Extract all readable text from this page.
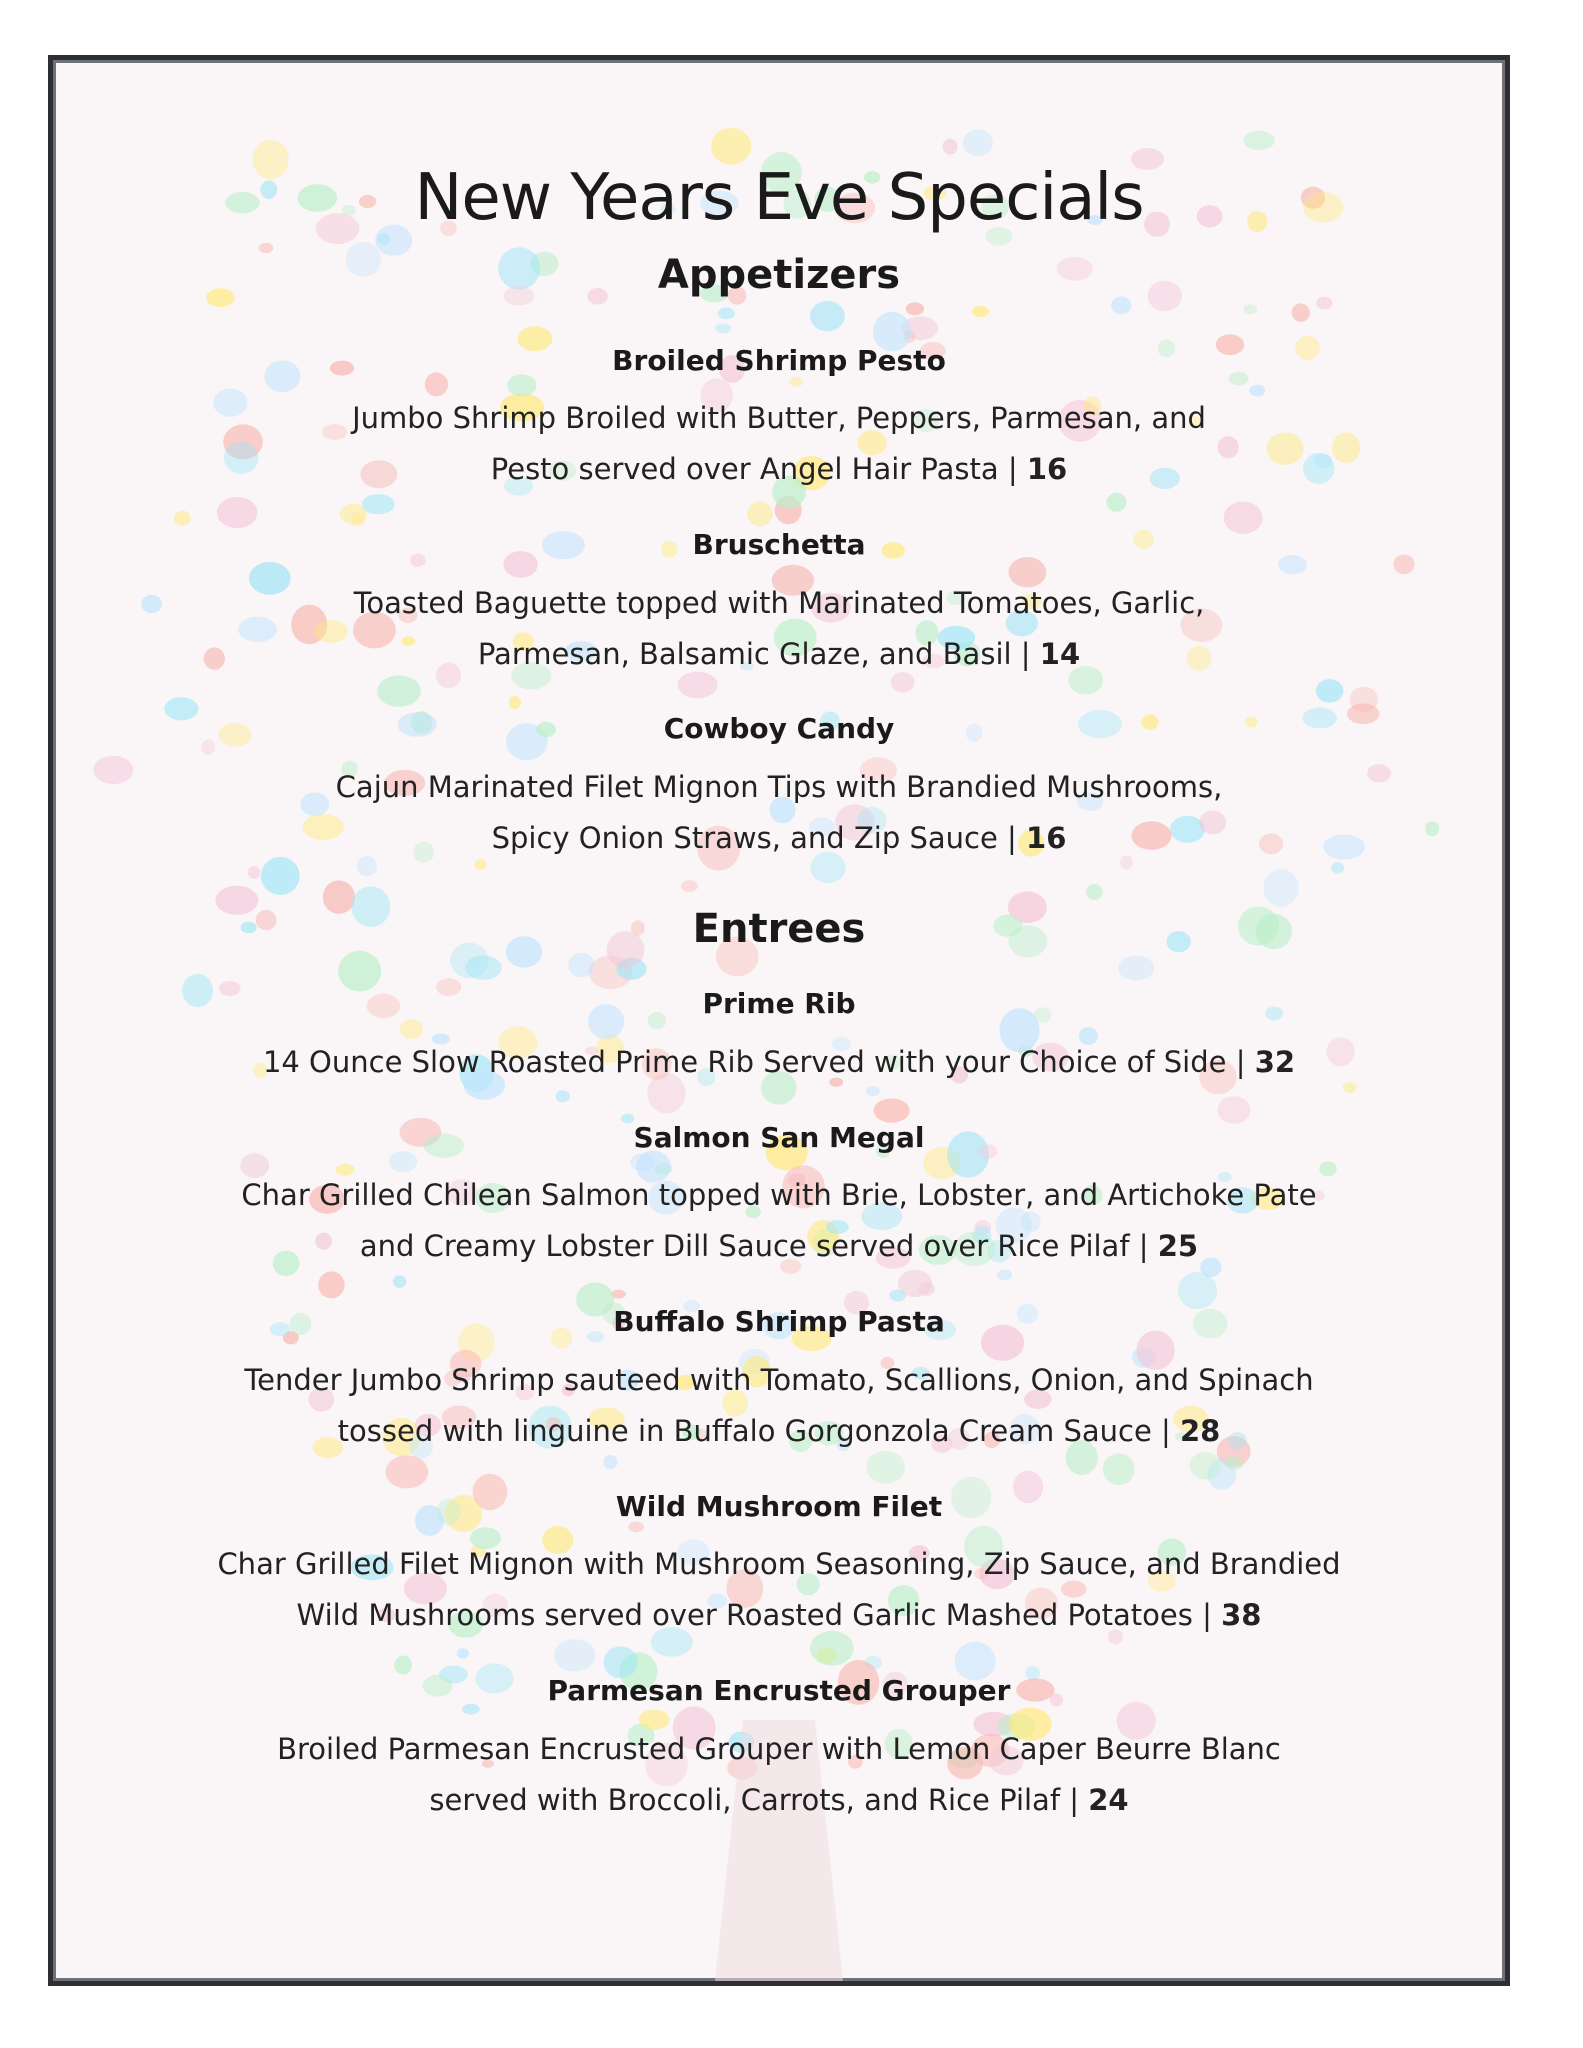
New Years Eve Specials
Appetizers
Broiled Shrimp Pesto
Jumbo Shrimp Broiled with Butter, Peppers, Parmesan, and
Pesto served over Angel Hair Pasta | 16
Bruschetta
Toasted Baguette topped with Marinated Tomatoes, Garlic,
Parmesan, Balsamic Glaze, and Basil | 14
Cowboy Candy
Cajun Marinated Filet Mignon Tips with Brandied Mushrooms,
Spicy Onion Straws, and Zip Sauce | 16
Entrees
Prime Rib
14 Ounce Slow Roasted Prime Rib Served with your Choice of Side | 32
Salmon San Megal
Char Grilled Chilean Salmon topped with Brie, Lobster, and Artichoke Pate
and Creamy Lobster Dill Sauce served over Rice Pilaf | 25
Buffalo Shrimp Pasta
Tender Jumbo Shrimp sauteed with Tomato, Scallions, Onion, and Spinach
tossed with linguine in Buffalo Gorgonzola Cream Sauce | 28
Wild Mushroom Filet
Char Grilled Filet Mignon with Mushroom Seasoning, Zip Sauce, and Brandied
Wild Mushrooms served over Roasted Garlic Mashed Potatoes | 38
Parmesan Encrusted Grouper
Broiled Parmesan Encrusted Grouper with Lemon Caper Beurre Blanc
served with Broccoli, Carrots, and Rice Pilaf | 24
